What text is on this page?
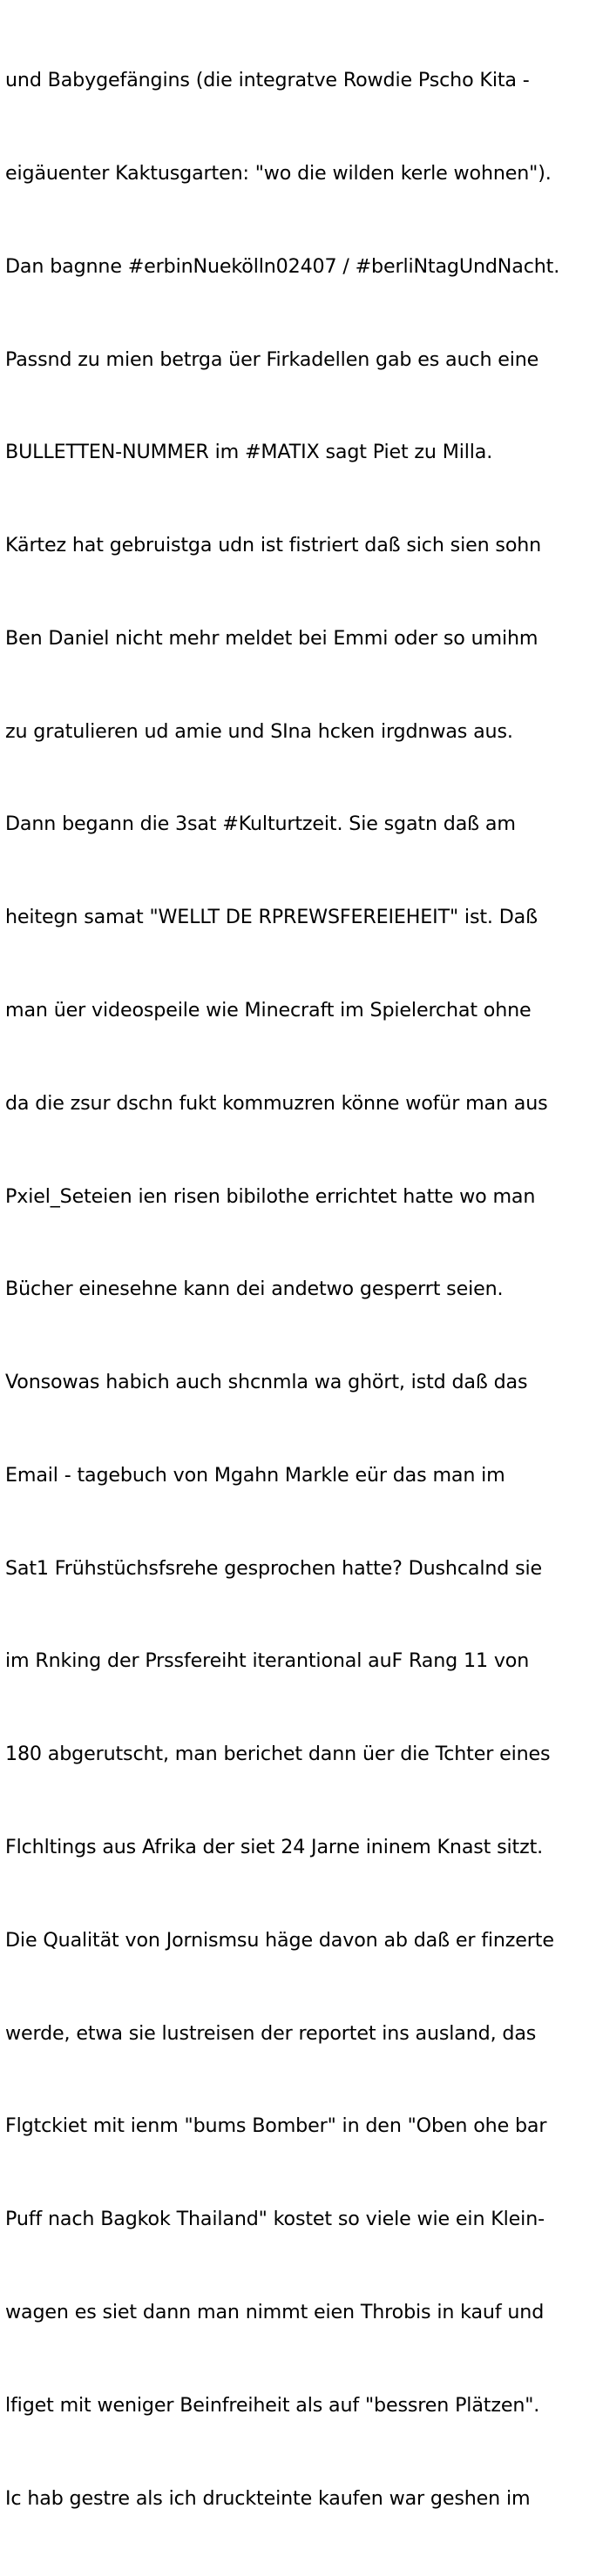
und Babygefängins (die integratve Rowdie Pscho Kita -

eigäuenter Kaktusgarten: "wo die wilden kerle wohnen").

Dan bagnne #erbinNuekölln02407 / #berliNtagUndNacht.

Passnd zu mien betrga üer Firkadellen gab es auch eine

BULLETTEN-NUMMER im #MATIX sagt Piet zu Milla.

Kärtez hat gebruistga udn ist fistriert daß sich sien sohn

Ben Daniel nicht mehr meldet bei Emmi oder so umihm

zu gratulieren ud amie und SIna hcken irgdnwas aus.

Dann begann die 3sat #Kulturtzeit. Sie sgatn daß am

heitegn samat "WELLT DE RPREWSFEREIEHEIT" ist. Daß

man üer videospeile wie Minecraft im Spielerchat ohne

da die zsur dschn fukt kommuzren könne wofür man aus

Pxiel_Seteien ien risen bibilothe errichtet hatte wo man

Bücher einesehne kann dei andetwo gesperrt seien.

Vonsowas habich auch shcnmla wa ghört, istd daß das

Email - tagebuch von Mgahn Markle eür das man im

Sat1 Frühstüchsfsrehe gesprochen hatte? Dushcalnd sie

im Rnking der Prssfereiht iterantional auF Rang 11 von

180 abgerutscht, man berichet dann üer die Tchter eines

Flchltings aus Afrika der siet 24 Jarne ininem Knast sitzt.

Die Qualität von Jornismsu häge davon ab daß er finzerte

werde, etwa sie lustreisen der reportet ins ausland, das

Flgtckiet mit ienm "bums Bomber" in den "Oben ohe bar

Puff nach Bagkok Thailand" kostet so viele wie ein Klein-

wagen es siet dann man nimmt eien Throbis in kauf und

lfiget mit weniger Beinfreiheit als auf "bessren Plätzen".

Ic hab gestre als ich druckteinte kaufen war geshen im
